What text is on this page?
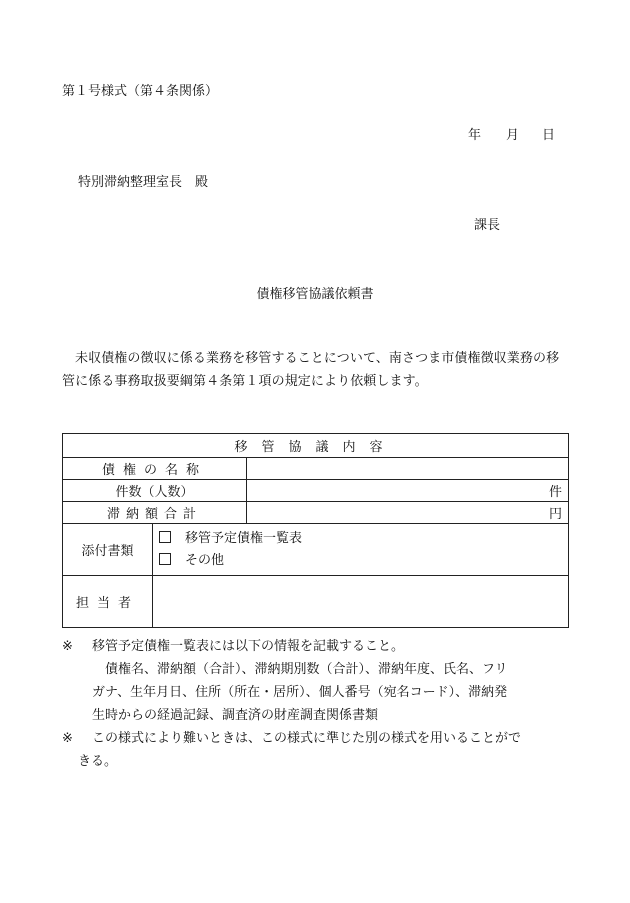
第１号様式（第４条関係）
年 月 日
特別滞納整理室長　殿
課長
債権移管協議依頼書
未収債権の徴収に係る業務を移管することについて、南さつま市債権徴収業務の移管に係る事務取扱要綱第４条第１項の規定により依頼します。
移管協議内容		
債権の名称		
件数（人数）		件
滞納額合計		円
添付書類	移管予定債権一覧表
その他	

担当者		
※	移管予定債権一覧表には以下の情報を記載すること。
債権名、滞納額（合計）、滞納期別数（合計）、滞納年度、氏名、フリ
ガナ、生年月日、住所（所在・居所）、個人番号（宛名コード）、滞納発
生時からの経過記録、調査済の財産調査関係書類
※	この様式により難いときは、この様式に準じた別の様式を用いることがで
きる。
